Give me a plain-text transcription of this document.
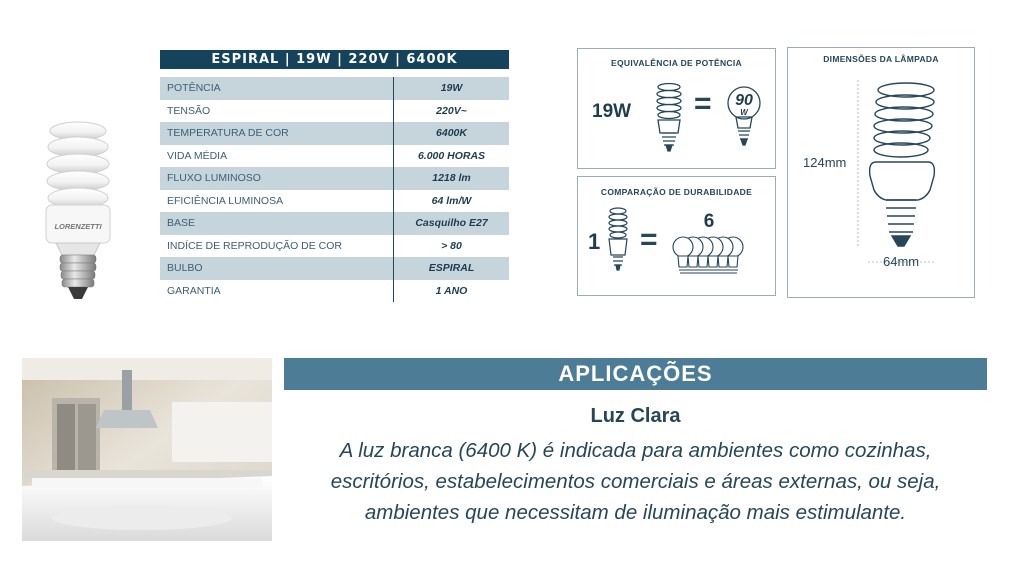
LORENZETTI
ESPIRAL | 19W | 220V | 6400K
POTÊNCIA	19W
TENSÃO	220V~
TEMPERATURA DE COR	6400K
VIDA MÉDIA	6.000 HORAS
FLUXO LUMINOSO	1218 lm
EFICIÊNCIA LUMINOSA	64 lm/W
BASE	Casquilho E27
INDÍCE DE REPRODUÇÃO DE COR	> 80
BULBO	ESPIRAL
GARANTIA	1 ANO
EQUIVALÊNCIA DE POTÊNCIA
19W = 90
W
COMPARAÇÃO DE DURABILIDADE
1 =
6
DIMENSÕES DA LÂMPADA
124mm
64mm
APLICAÇÕES
Luz Clara
A luz branca (6400 K) é indicada para ambientes como cozinhas,
escritórios, estabelecimentos comerciais e áreas externas, ou seja,
ambientes que necessitam de iluminação mais estimulante.
